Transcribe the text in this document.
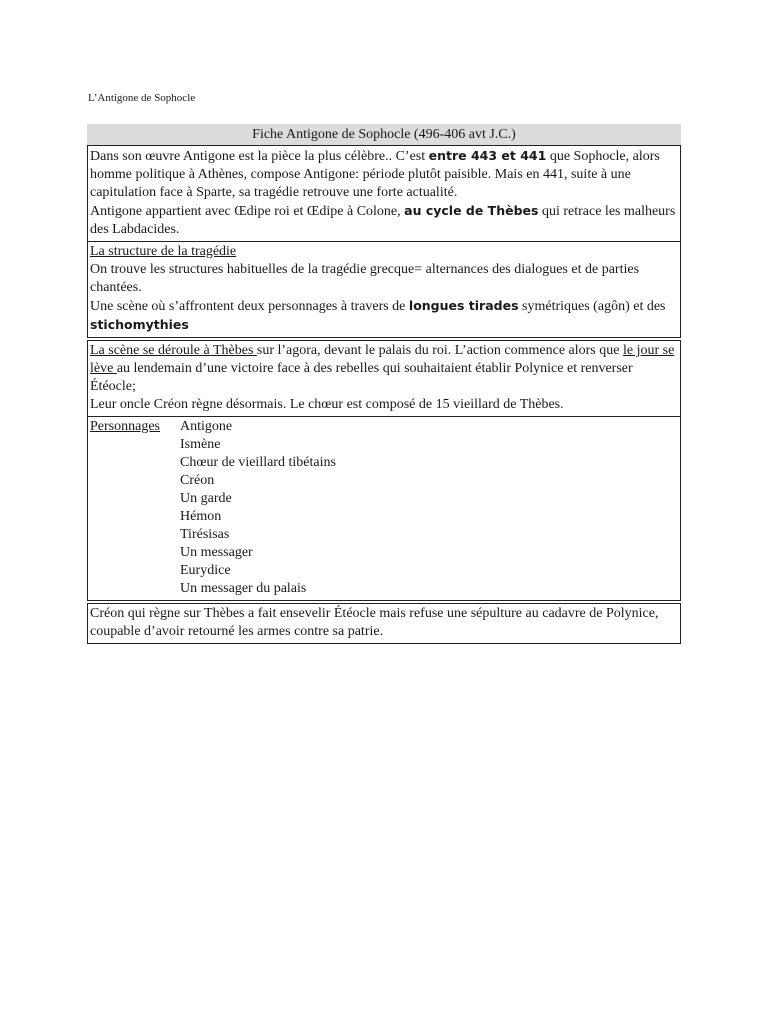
L’Antigone de Sophocle
Fiche Antigone de Sophocle (496-406 avt J.C.)
Dans son œuvre Antigone est la pièce la plus célèbre.. C’est entre 443 et 441 que Sophocle, alors homme politique à Athènes, compose Antigone: période plutôt paisible. Mais en 441, suite à une capitulation face à Sparte, sa tragédie retrouve une forte actualité.
Antigone appartient avec Œdipe roi et Œdipe à Colone, au cycle de Thèbes qui retrace les malheurs des Labdacides.
La structure de la tragédie
On trouve les structures habituelles de la tragédie grecque= alternances des dialogues et de parties chantées.
Une scène où s’affrontent deux personnages à travers de longues tirades symétriques (agôn) et des stichomythies
La scène se déroule à Thèbes sur l’agora, devant le palais du roi. L’action commence alors que le jour se lève au lendemain d’une victoire face à des rebelles qui souhaitaient établir Polynice et renverser Étéocle;
Leur oncle Créon règne désormais. Le chœur est composé de 15 vieillard de Thèbes.
Personnages	Antigone
Ismène
Chœur de vieillard tibétains
Créon
Un garde
Hémon
Tirésisas
Un messager
Eurydice
Un messager du palais
Créon qui règne sur Thèbes a fait ensevelir Étéocle mais refuse une sépulture au cadavre de Polynice, coupable d’avoir retourné les armes contre sa patrie.
